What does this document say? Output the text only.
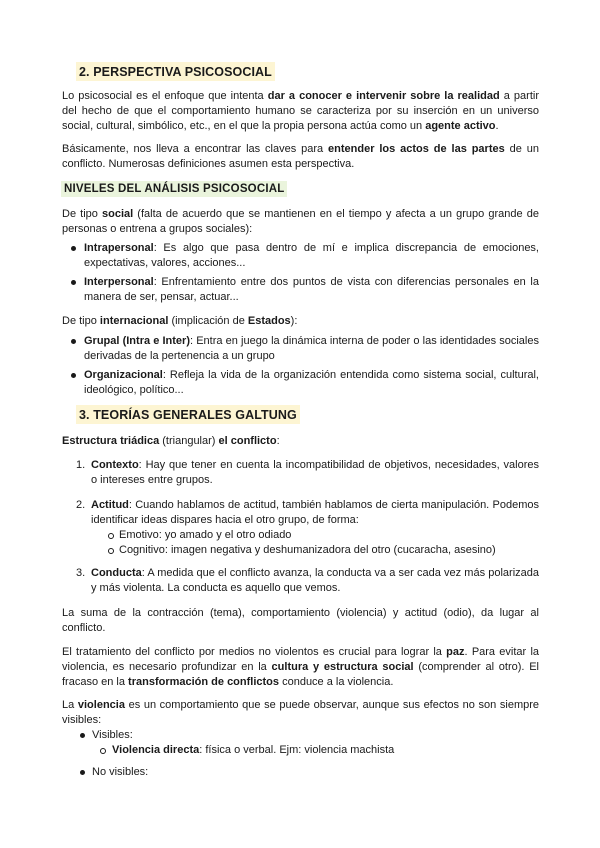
2. PERSPECTIVA PSICOSOCIAL

Lo psicosocial es el enfoque que intenta dar a conocer e intervenir sobre la realidad a partir del hecho de que el comportamiento humano se caracteriza por su inserción en un universo social, cultural, simbólico, etc., en el que la propia persona actúa como un agente activo.

Básicamente, nos lleva a encontrar las claves para entender los actos de las partes de un conflicto. Numerosas definiciones asumen esta perspectiva.

NIVELES DEL ANÁLISIS PSICOSOCIAL

De tipo social (falta de acuerdo que se mantienen en el tiempo y afecta a un grupo grande de personas o entrena a grupos sociales):

Intrapersonal: Es algo que pasa dentro de mí e implica discrepancia de emociones, expectativas, valores, acciones...

Interpersonal: Enfrentamiento entre dos puntos de vista con diferencias personales en la manera de ser, pensar, actuar...

De tipo internacional (implicación de Estados):

Grupal (Intra e Inter): Entra en juego la dinámica interna de poder o las identidades sociales derivadas de la pertenencia a un grupo

Organizacional: Refleja la vida de la organización entendida como sistema social, cultural, ideológico, político...

3. TEORÍAS GENERALES GALTUNG

Estructura triádica (triangular) el conflicto:

1. Contexto: Hay que tener en cuenta la incompatibilidad de objetivos, necesidades, valores o intereses entre grupos.

2. Actitud: Cuando hablamos de actitud, también hablamos de cierta manipulación. Podemos identificar ideas dispares hacia el otro grupo, de forma:

Emotivo: yo amado y el otro odiado
Cognitivo: imagen negativa y deshumanizadora del otro (cucaracha, asesino)
3. Conducta: A medida que el conflicto avanza, la conducta va a ser cada vez más polarizada y más violenta. La conducta es aquello que vemos.

La suma de la contracción (tema), comportamiento (violencia) y actitud (odio), da lugar al conflicto.

El tratamiento del conflicto por medios no violentos es crucial para lograr la paz. Para evitar la violencia, es necesario profundizar en la cultura y estructura social (comprender al otro). El fracaso en la transformación de conflictos conduce a la violencia.

La violencia es un comportamiento que se puede observar, aunque sus efectos no son siempre visibles:

Visibles:
Violencia directa: física o verbal. Ejm: violencia machista
No visibles:
